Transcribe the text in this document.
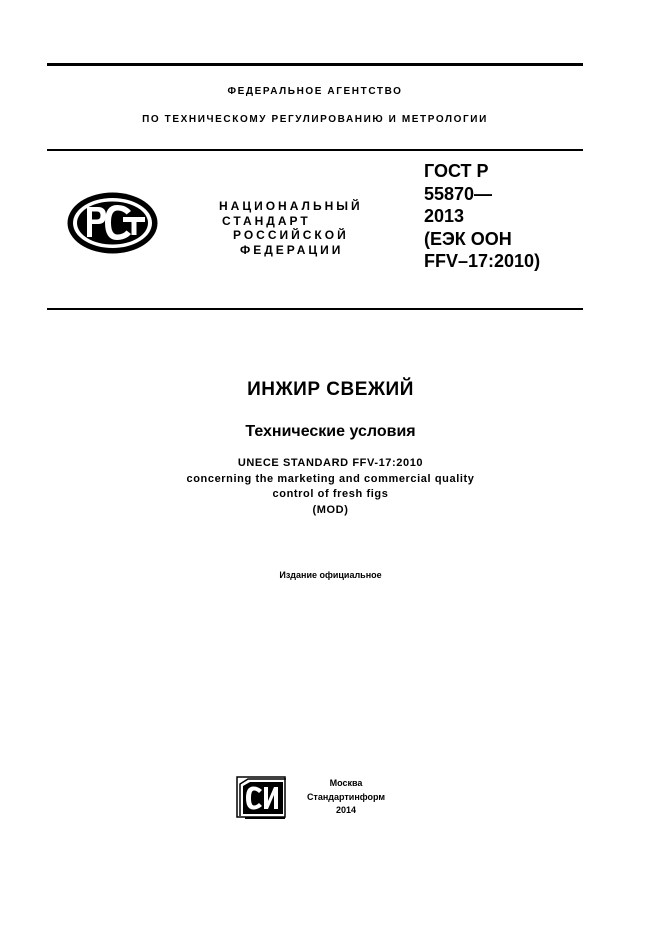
ФЕДЕРАЛЬНОЕ АГЕНТСТВО
ПО ТЕХНИЧЕСКОМУ РЕГУЛИРОВАНИЮ И МЕТРОЛОГИИ
НАЦИОНАЛЬНЫЙ
СТАНДАРТ
РОССИЙСКОЙ
ФЕДЕРАЦИИ
ГОСТ Р
55870—
2013
(ЕЭК ООН
FFV–17:2010)
ИНЖИР СВЕЖИЙ
Технические условия
UNECE STANDARD FFV-17:2010
concerning the marketing and commercial quality
control of fresh figs
(MOD)
Издание официальное
Москва
Стандартинформ
2014
